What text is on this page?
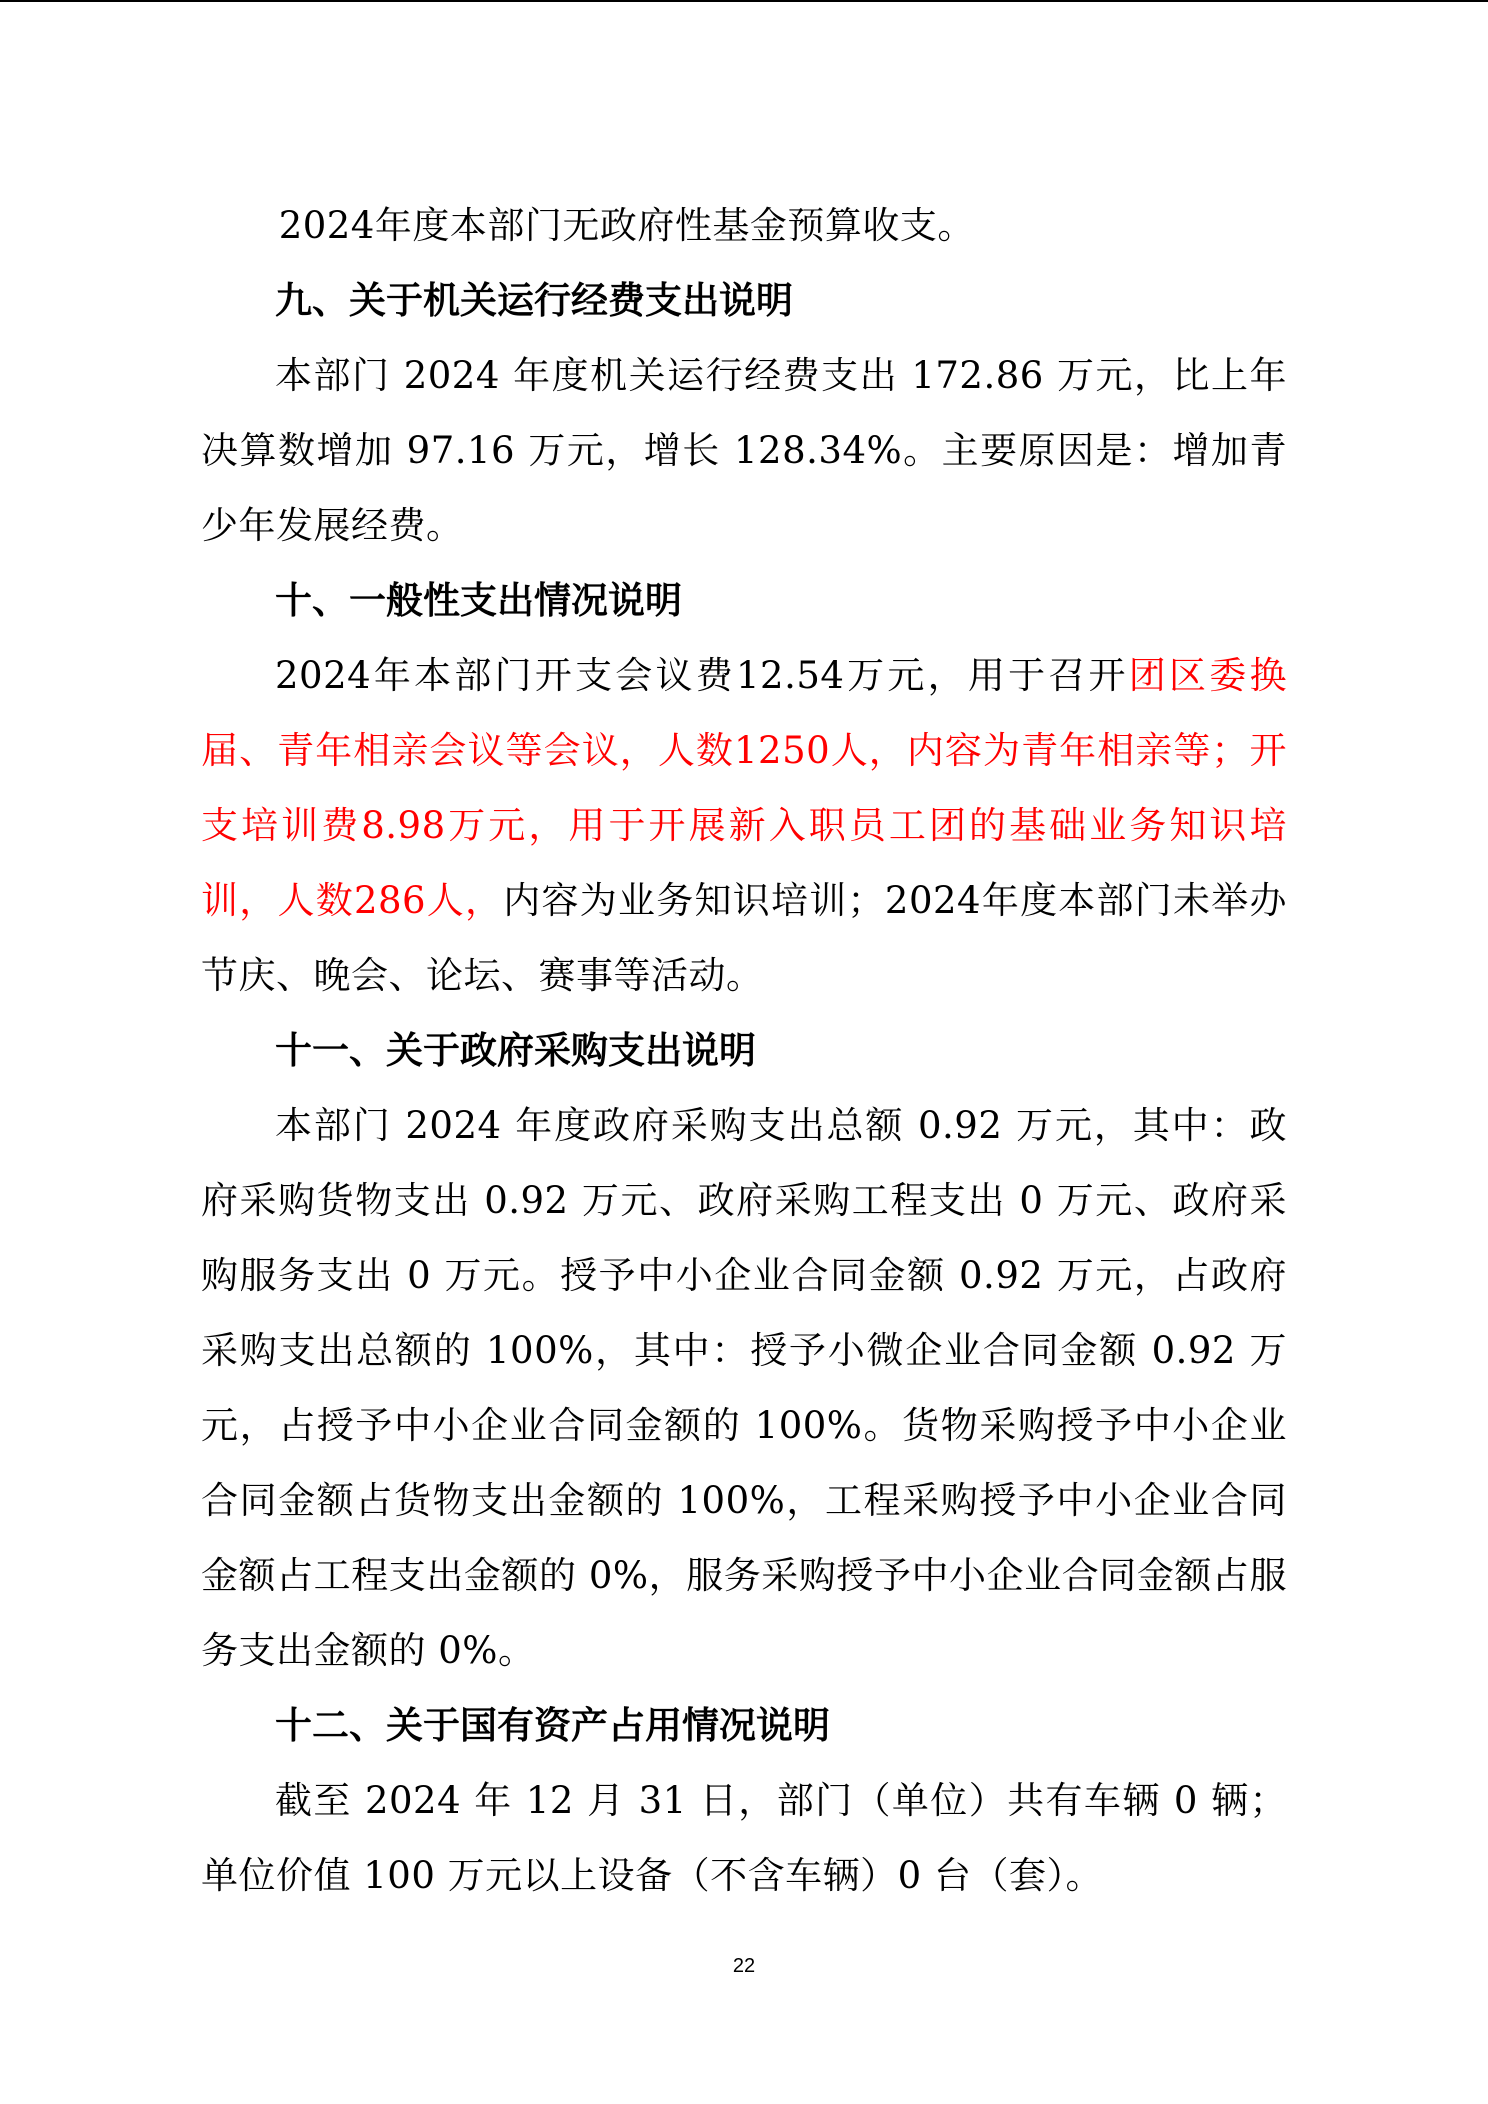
2024年度本部门无政府性基金预算收支。

九、关于机关运行经费支出说明

本部门 2024 年度机关运行经费支出 172.86 万元，比上年决算数增加 97.16 万元，增长 128.34%。主要原因是：增加青少年发展经费。

十、一般性支出情况说明

2024年本部门开支会议费12.54万元，用于召开团区委换届、青年相亲会议等会议，人数1250人，内容为青年相亲等；开支培训费8.98万元，用于开展新入职员工团的基础业务知识培训，人数286人，内容为业务知识培训；2024年度本部门未举办节庆、晚会、论坛、赛事等活动。

十一、关于政府采购支出说明

本部门 2024 年度政府采购支出总额 0.92 万元，其中：政府采购货物支出 0.92 万元、政府采购工程支出 0 万元、政府采购服务支出 0 万元。授予中小企业合同金额 0.92 万元，占政府采购支出总额的 100%，其中：授予小微企业合同金额 0.92 万元，占授予中小企业合同金额的 100%。货物采购授予中小企业合同金额占货物支出金额的 100%，工程采购授予中小企业合同金额占工程支出金额的 0%，服务采购授予中小企业合同金额占服务支出金额的 0%。

十二、关于国有资产占用情况说明

截至 2024 年 12 月 31 日，部门（单位）共有车辆 0 辆；单位价值 100 万元以上设备（不含车辆）0 台（套）。

22
